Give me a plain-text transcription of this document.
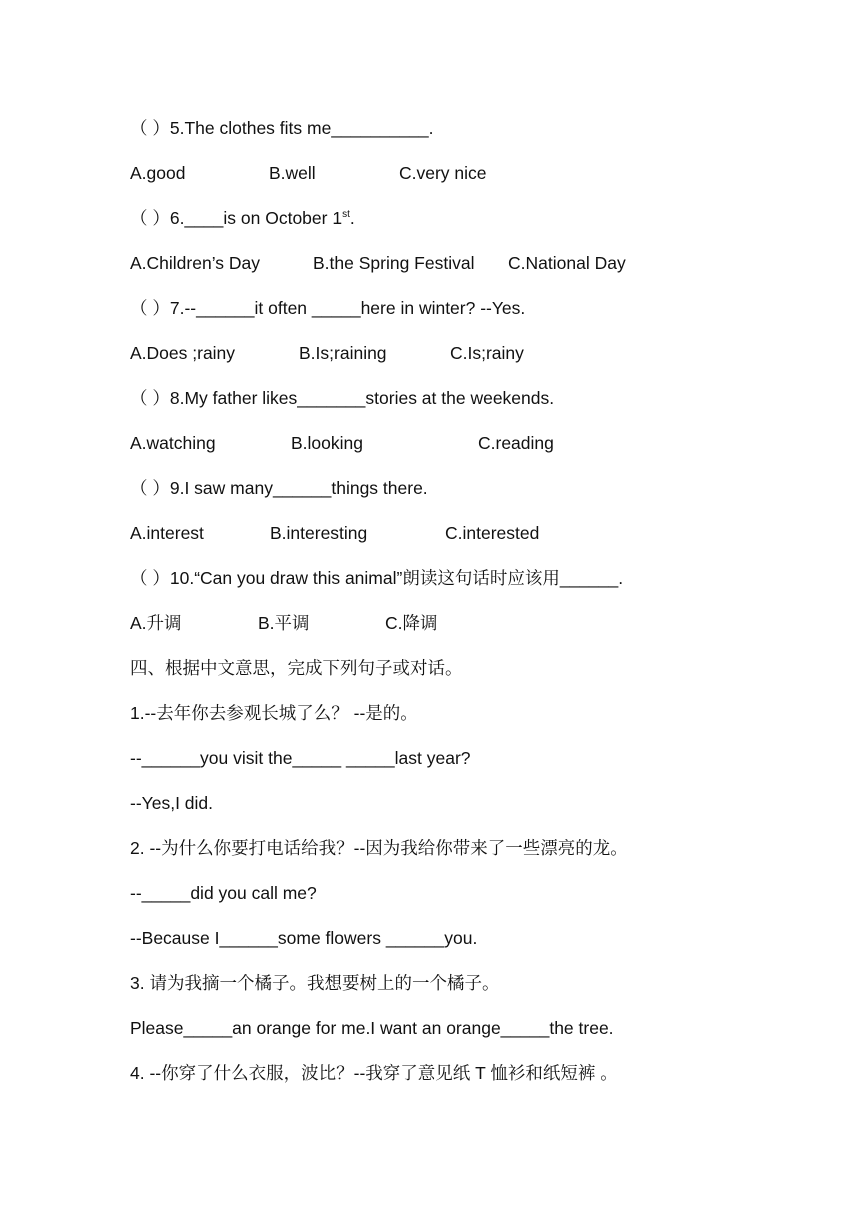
（ ）5.The clothes fits me__________.
A.good	B.well	C.very nice
（ ）6.____is on October 1st.
A.Children’s Day	B.the Spring Festival C.National Day
（ ）7.--______it often _____here in winter? --Yes.
A.Does ;rainy	B.Is;raining	C.Is;rainy
（ ）8.My father likes_______stories at the weekends.
A.watching	B.looking	C.reading
（ ）9.I saw many______things there.
A.interest	B.interesting	C.interested
（ ）10.“Can you draw this animal”朗读这句话时应该用______.
A.升调	B.平调	C.降调
四、根据中文意思，完成下列句子或对话。
1.--去年你去参观长城了么？ --是的。
--______you visit the_____ _____last year?
--Yes,I did.
2. --为什么你要打电话给我？--因为我给你带来了一些漂亮的龙。
--_____did you call me?
--Because I______some flowers ______you.
3. 请为我摘一个橘子。我想要树上的一个橘子。
Please_____an orange for me.I want an orange_____the tree.
4. --你穿了什么衣服，波比？--我穿了意见纸 T 恤衫和纸短裤 。
